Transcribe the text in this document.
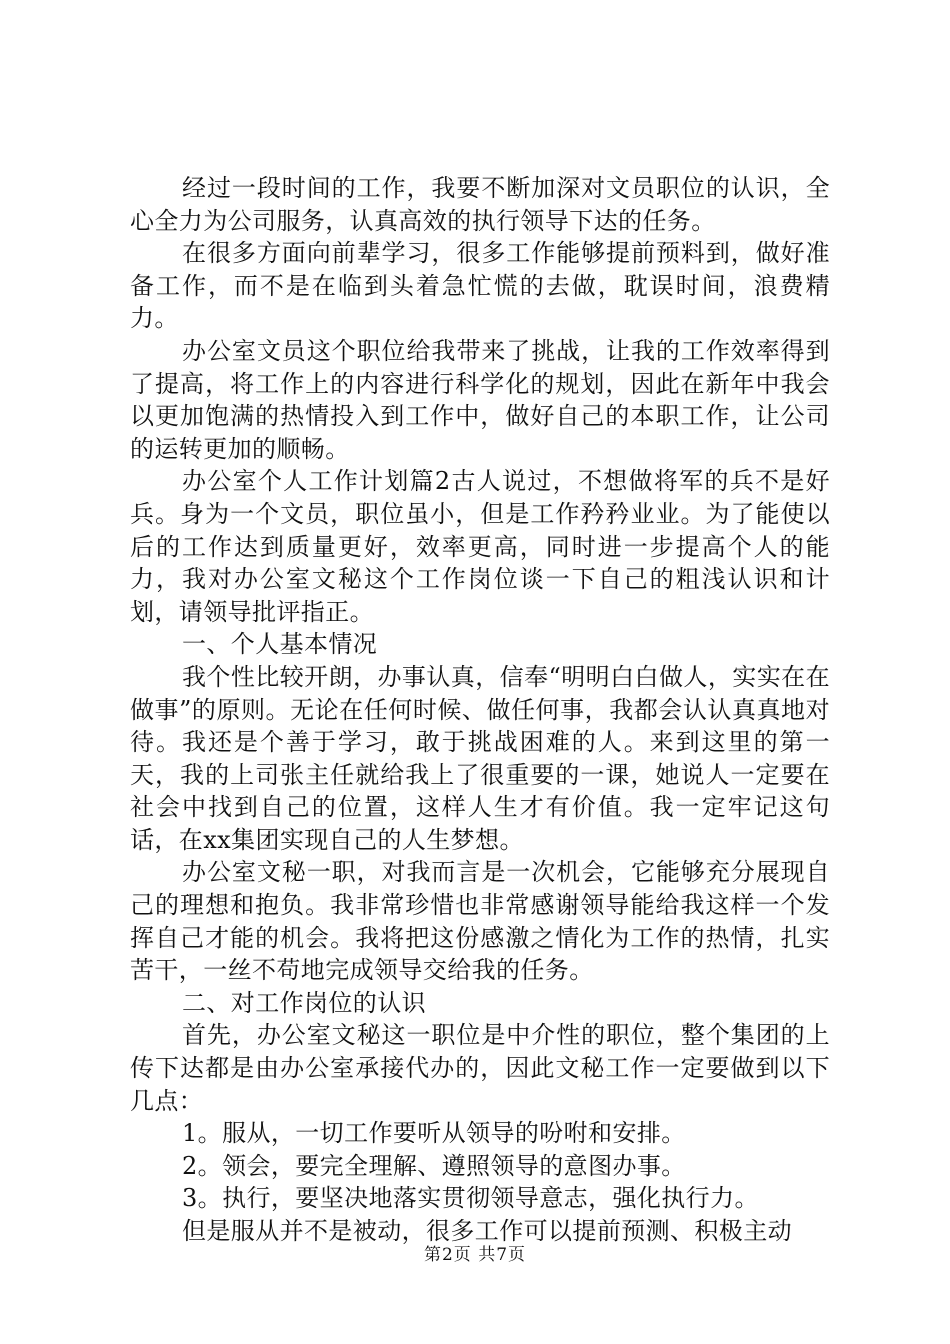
经过一段时间的工作，我要不断加深对文员职位的认识，全心全力为公司服务，认真高效的执行领导下达的任务。

在很多方面向前辈学习，很多工作能够提前预料到，做好准备工作，而不是在临到头着急忙慌的去做，耽误时间，浪费精力。

办公室文员这个职位给我带来了挑战，让我的工作效率得到了提高，将工作上的内容进行科学化的规划，因此在新年中我会以更加饱满的热情投入到工作中，做好自己的本职工作，让公司的运转更加的顺畅。

办公室个人工作计划篇2古人说过，不想做将军的兵不是好兵。身为一个文员，职位虽小，但是工作矜矜业业。为了能使以后的工作达到质量更好，效率更高，同时进一步提高个人的能力，我对办公室文秘这个工作岗位谈一下自己的粗浅认识和计划，请领导批评指正。

一、个人基本情况

我个性比较开朗，办事认真，信奉“明明白白做人，实实在在做事”的原则。无论在任何时候、做任何事，我都会认认真真地对待。我还是个善于学习，敢于挑战困难的人。来到这里的第一天，我的上司张主任就给我上了很重要的一课，她说人一定要在社会中找到自己的位置，这样人生才有价值。我一定牢记这句话，在xx集团实现自己的人生梦想。

办公室文秘一职，对我而言是一次机会，它能够充分展现自己的理想和抱负。我非常珍惜也非常感谢领导能给我这样一个发挥自己才能的机会。我将把这份感激之情化为工作的热情，扎实苦干，一丝不苟地完成领导交给我的任务。

二、对工作岗位的认识

首先，办公室文秘这一职位是中介性的职位，整个集团的上传下达都是由办公室承接代办的，因此文秘工作一定要做到以下几点：

1。服从，一切工作要听从领导的吩咐和安排。

2。领会，要完全理解、遵照领导的意图办事。

3。执行，要坚决地落实贯彻领导意志，强化执行力。

但是服从并不是被动，很多工作可以提前预测、积极主动

第2页 共7页
